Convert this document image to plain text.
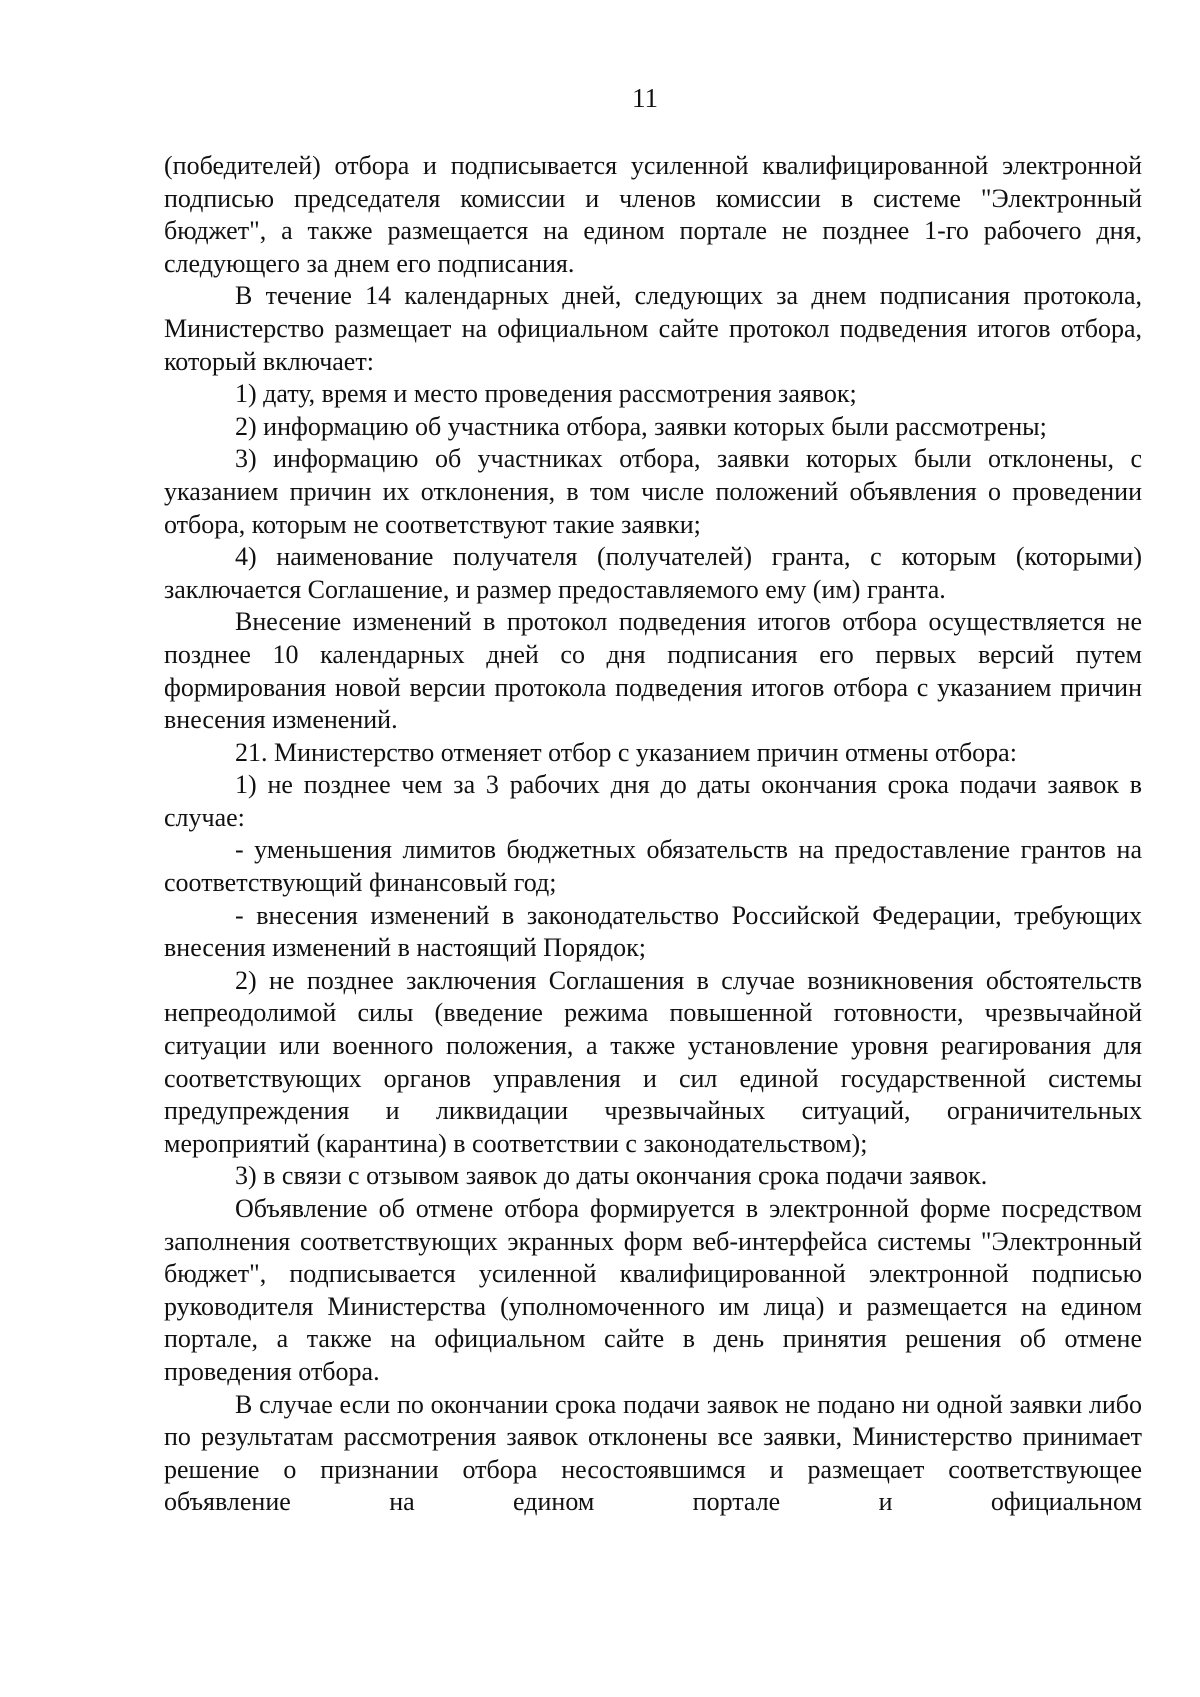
11

(победителей) отбора и подписывается усиленной квалифицированной электронной подписью председателя комиссии и членов комиссии в системе "Электронный бюджет", а также размещается на едином портале не позднее 1-го рабочего дня, следующего за днем его подписания.

В течение 14 календарных дней, следующих за днем подписания протокола, Министерство размещает на официальном сайте протокол подведения итогов отбора, который включает:

1) дату, время и место проведения рассмотрения заявок;

2) информацию об участника отбора, заявки которых были рассмотрены;

3) информацию об участниках отбора, заявки которых были отклонены, с указанием причин их отклонения, в том числе положений объявления о проведении отбора, которым не соответствуют такие заявки;

4) наименование получателя (получателей) гранта, с которым (которыми) заключается Соглашение, и размер предоставляемого ему (им) гранта.

Внесение изменений в протокол подведения итогов отбора осуществляется не позднее 10 календарных дней со дня подписания его первых версий путем формирования новой версии протокола подведения итогов отбора с указанием причин внесения изменений.

21. Министерство отменяет отбор с указанием причин отмены отбора:

1) не позднее чем за 3 рабочих дня до даты окончания срока подачи заявок в случае:

- уменьшения лимитов бюджетных обязательств на предоставление грантов на соответствующий финансовый год;

- внесения изменений в законодательство Российской Федерации, требующих внесения изменений в настоящий Порядок;

2) не позднее заключения Соглашения в случае возникновения обстоятельств непреодолимой силы (введение режима повышенной готовности, чрезвычайной ситуации или военного положения, а также установление уровня реагирования для соответствующих органов управления и сил единой государственной системы предупреждения и ликвидации чрезвычайных ситуаций, ограничительных мероприятий (карантина) в соответствии с законодательством);

3) в связи с отзывом заявок до даты окончания срока подачи заявок.

Объявление об отмене отбора формируется в электронной форме посредством заполнения соответствующих экранных форм веб-интерфейса системы "Электронный бюджет", подписывается усиленной квалифицированной электронной подписью руководителя Министерства (уполномоченного им лица) и размещается на едином портале, а также на официальном сайте в день принятия решения об отмене проведения отбора.

В случае если по окончании срока подачи заявок не подано ни одной заявки либо по результатам рассмотрения заявок отклонены все заявки, Министерство принимает решение о признании отбора несостоявшимся и размещает соответствующее объявление на едином портале и официальном
